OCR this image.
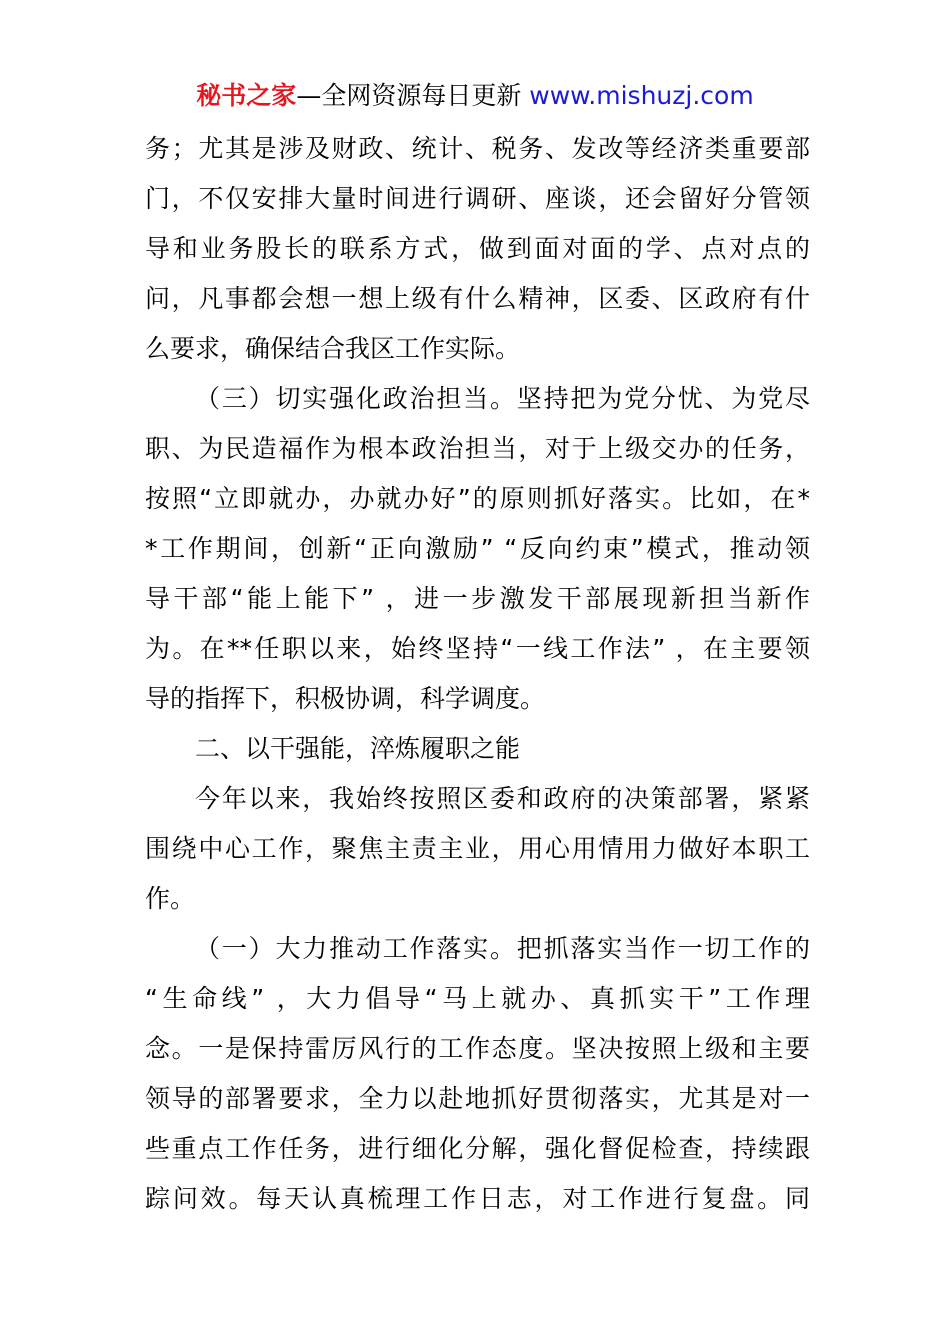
秘书之家—全网资源每日更新 www.mishuzj.com
务；尤其是涉及财政、统计、税务、发改等经济类重要部
门，不仅安排大量时间进行调研、座谈，还会留好分管领
导和业务股长的联系方式，做到面对面的学、点对点的
问，凡事都会想一想上级有什么精神，区委、区政府有什
么要求，确保结合我区工作实际。
（三）切实强化政治担当。坚持把为党分忧、为党尽
职、为民造福作为根本政治担当，对于上级交办的任务，
按照“立即就办，办就办好”的原则抓好落实。比如，在*
*工作期间，创新“正向激励” “反向约束”模式，推动领
导干部“能上能下” ，进一步激发干部展现新担当新作
为。在**任职以来，始终坚持“一线工作法” ，在主要领
导的指挥下，积极协调，科学调度。
二、以干强能，淬炼履职之能
今年以来，我始终按照区委和政府的决策部署，紧紧
围绕中心工作，聚焦主责主业，用心用情用力做好本职工
作。
（一）大力推动工作落实。把抓落实当作一切工作的
“生命线” ，大力倡导“马上就办、真抓实干”工作理
念。一是保持雷厉风行的工作态度。坚决按照上级和主要
领导的部署要求，全力以赴地抓好贯彻落实，尤其是对一
些重点工作任务，进行细化分解，强化督促检查，持续跟
踪问效。每天认真梳理工作日志，对工作进行复盘。同
